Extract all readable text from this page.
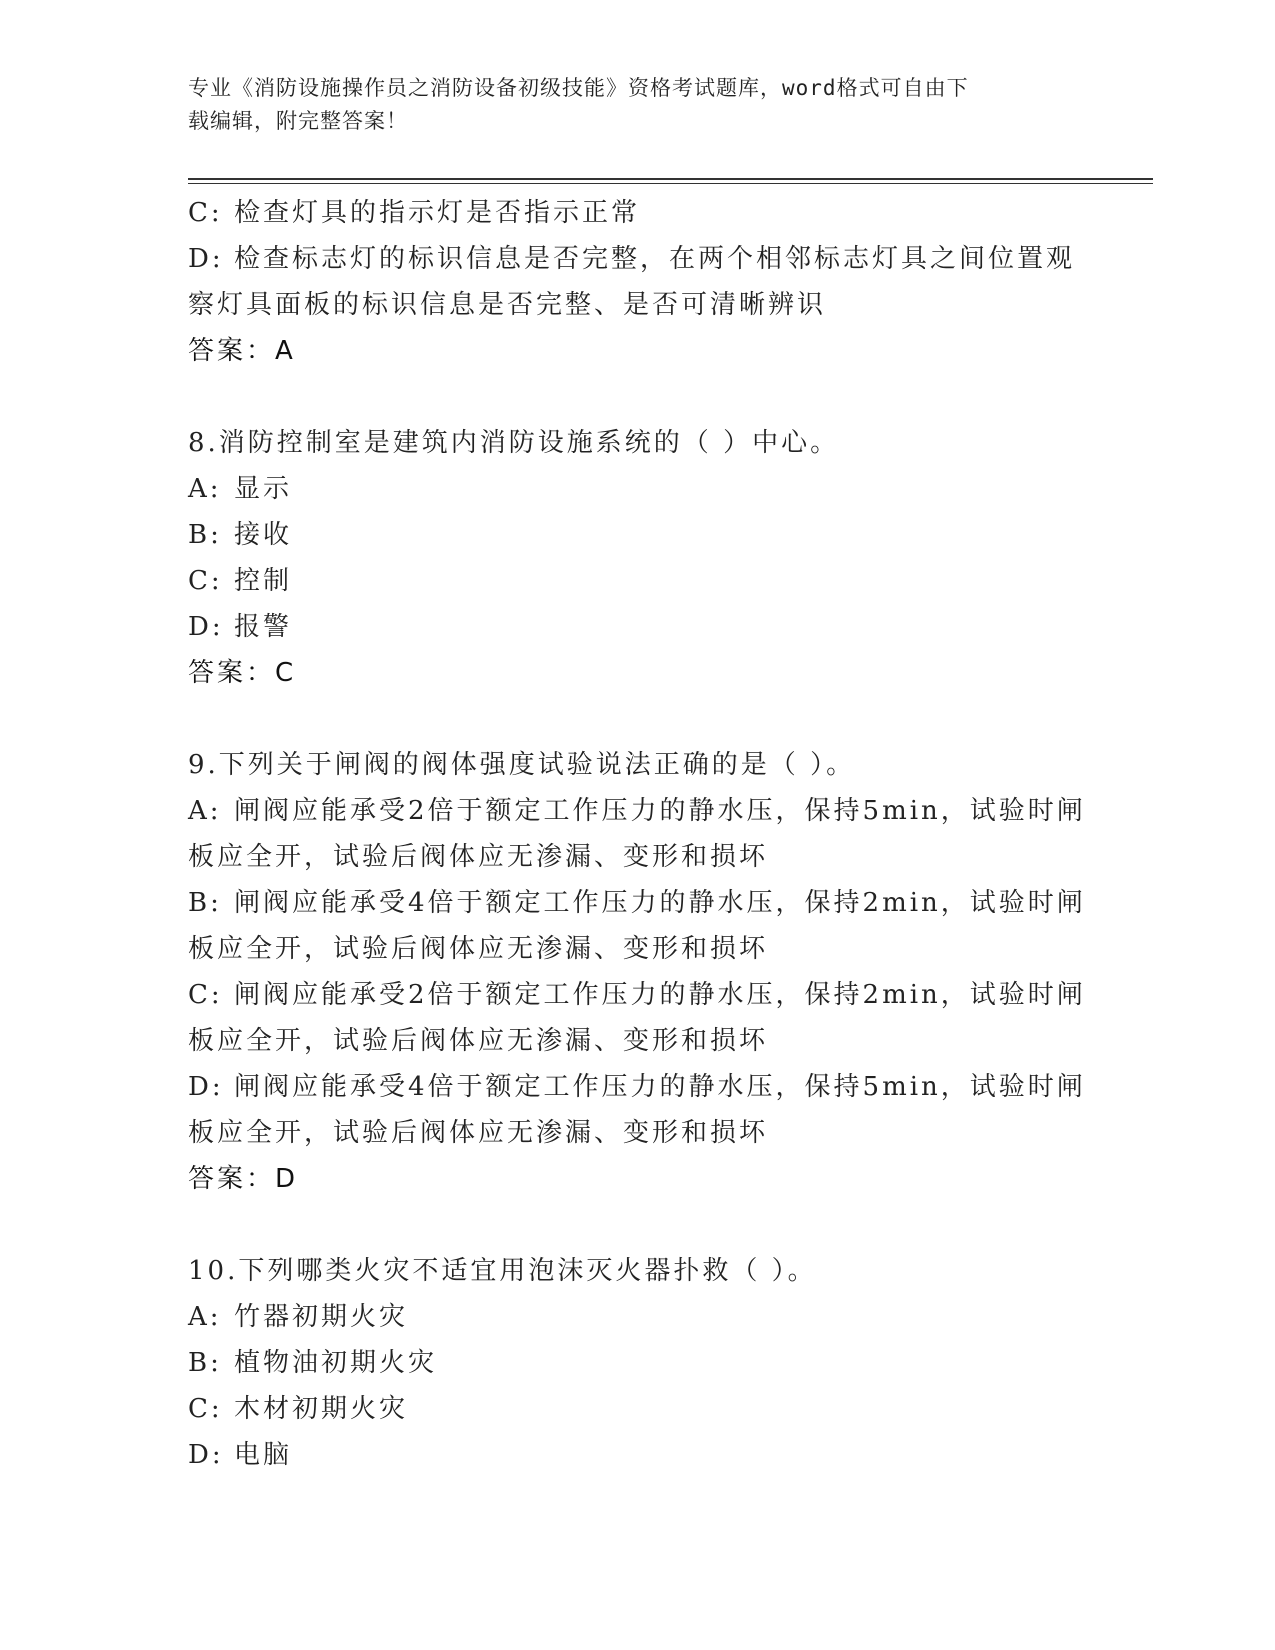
专业《消防设施操作员之消防设备初级技能》资格考试题库，word格式可自由下
载编辑，附完整答案！
C: 检查灯具的指示灯是否指示正常
D: 检查标志灯的标识信息是否完整，在两个相邻标志灯具之间位置观
察灯具面板的标识信息是否完整、是否可清晰辨识
答案：A
8.消防控制室是建筑内消防设施系统的（ ）中心。
A: 显示
B: 接收
C: 控制
D: 报警
答案：C
9.下列关于闸阀的阀体强度试验说法正确的是（ ）。
A: 闸阀应能承受2倍于额定工作压力的静水压，保持5min，试验时闸
板应全开，试验后阀体应无渗漏、变形和损坏
B: 闸阀应能承受4倍于额定工作压力的静水压，保持2min，试验时闸
板应全开，试验后阀体应无渗漏、变形和损坏
C: 闸阀应能承受2倍于额定工作压力的静水压，保持2min，试验时闸
板应全开，试验后阀体应无渗漏、变形和损坏
D: 闸阀应能承受4倍于额定工作压力的静水压，保持5min，试验时闸
板应全开，试验后阀体应无渗漏、变形和损坏
答案：D
10.下列哪类火灾不适宜用泡沫灭火器扑救（ ）。
A: 竹器初期火灾
B: 植物油初期火灾
C: 木材初期火灾
D: 电脑
